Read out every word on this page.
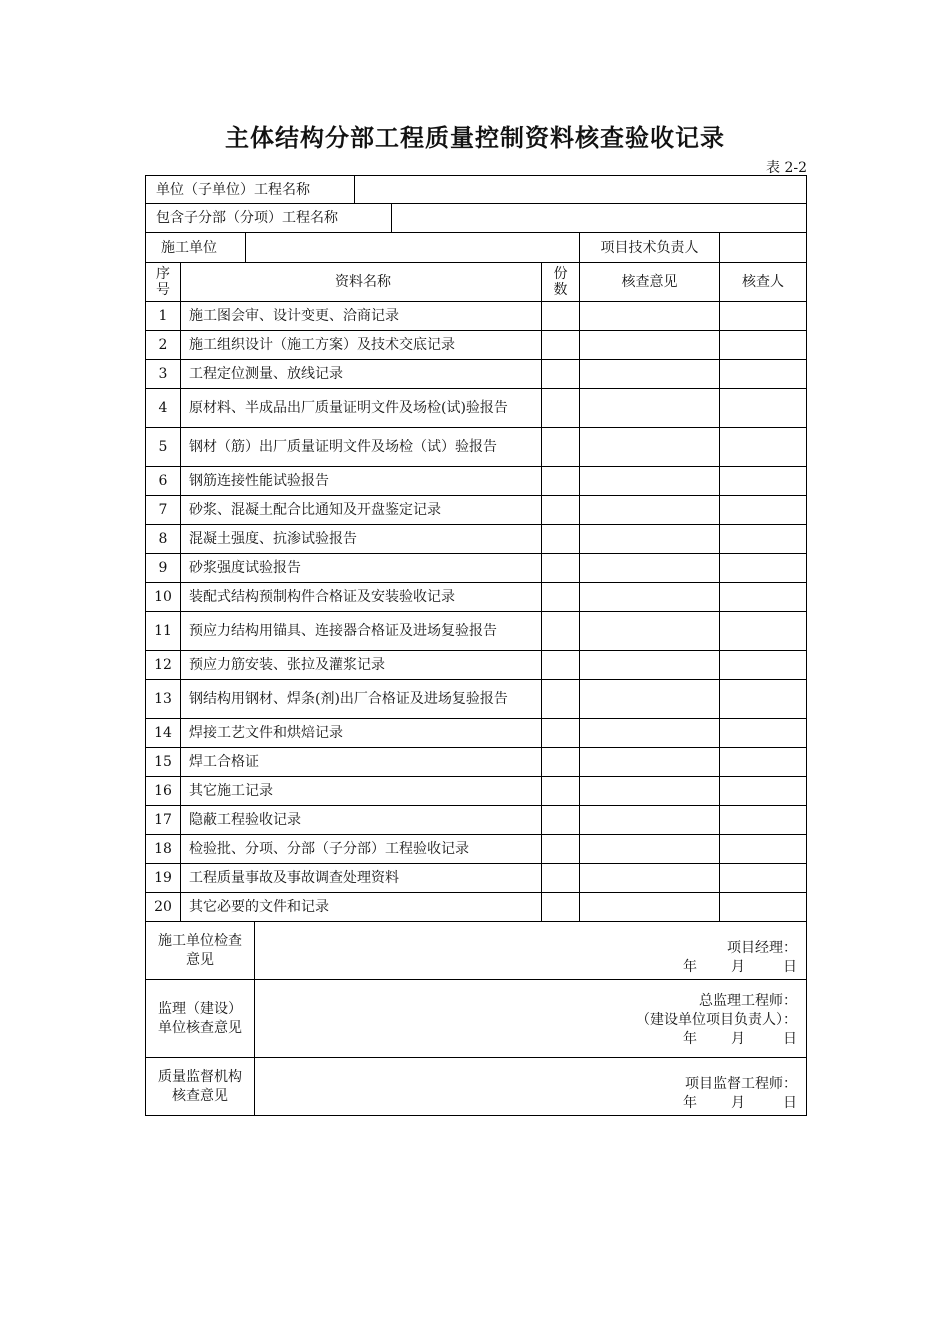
主体结构分部工程质量控制资料核查验收记录
表 2-2
单位（子单位）工程名称
包含子分部（分项）工程名称
施工单位	项目技术负责人
序号	资料名称	份数	核查意见	核查人
1	施工图会审、设计变更、洽商记录
2	施工组织设计（施工方案）及技术交底记录
3	工程定位测量、放线记录
4	原材料、半成品出厂质量证明文件及场检(试)验报告
5	钢材（筋）出厂质量证明文件及场检（试）验报告
6	钢筋连接性能试验报告
7	砂浆、混凝土配合比通知及开盘鉴定记录
8	混凝土强度、抗渗试验报告
9	砂浆强度试验报告
10	装配式结构预制构件合格证及安装验收记录
11	预应力结构用锚具、连接器合格证及进场复验报告
12	预应力筋安装、张拉及灌浆记录
13	钢结构用钢材、焊条(剂)出厂合格证及进场复验报告
14	焊接工艺文件和烘焙记录
15	焊工合格证
16	其它施工记录
17	隐蔽工程验收记录
18	检验批、分项、分部（子分部）工程验收记录
19	工程质量事故及事故调查处理资料
20	其它必要的文件和记录
施工单位检查意见
项目经理：
年 月	日
监理（建设）单位核查意见
总监理工程师：
（建设单位项目负责人）：
年 月	日
质量监督机构核查意见
项目监督工程师：
年 月	日
